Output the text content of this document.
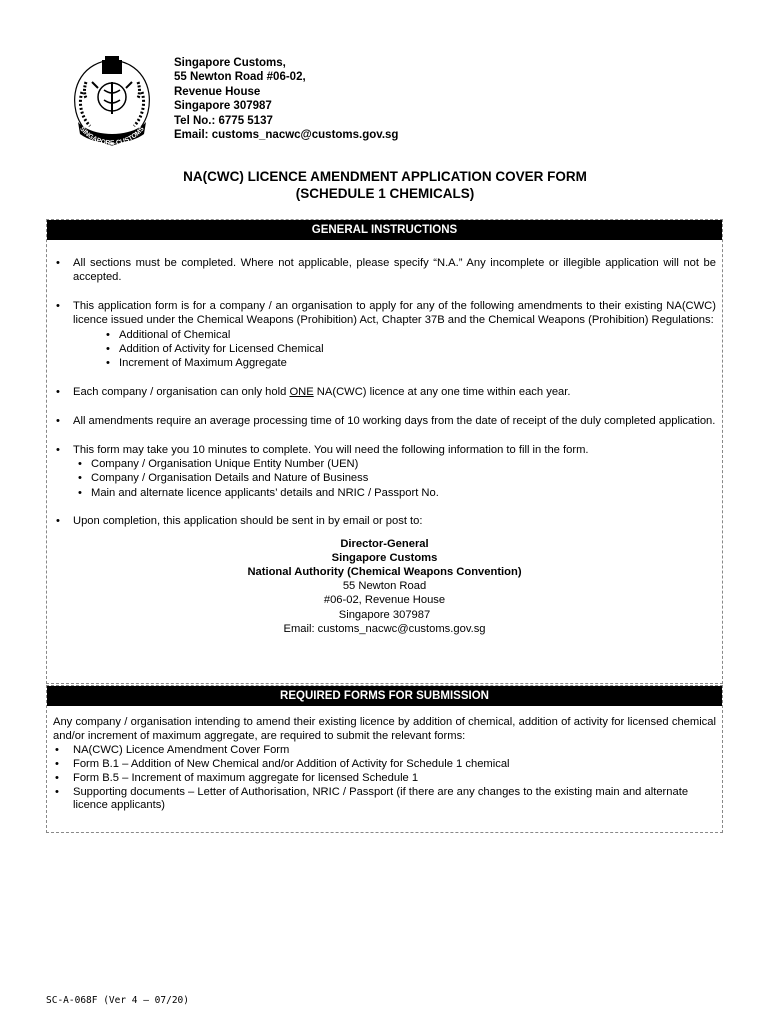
SINGAPORE CUSTOMS
Singapore Customs,
55 Newton Road #06-02,
Revenue House
Singapore 307987
Tel No.: 6775 5137
Email: customs_nacwc@customs.gov.sg
NA(CWC) LICENCE AMENDMENT APPLICATION COVER FORM
(SCHEDULE 1 CHEMICALS)
GENERAL INSTRUCTIONS
• All sections must be completed. Where not applicable, please specify “N.A.” Any incomplete or illegible application will not be accepted.
• This application form is for a company / an organisation to apply for any of the following amendments to their existing NA(CWC) licence issued under the Chemical Weapons (Prohibition) Act, Chapter 37B and the Chemical Weapons (Prohibition) Regulations:
• Additional of Chemical
• Addition of Activity for Licensed Chemical
• Increment of Maximum Aggregate
• Each company / organisation can only hold ONE NA(CWC) licence at any one time within each year.
• All amendments require an average processing time of 10 working days from the date of receipt of the duly completed application.
• This form may take you 10 minutes to complete. You will need the following information to fill in the form.
• Company / Organisation Unique Entity Number (UEN)
• Company / Organisation Details and Nature of Business
• Main and alternate licence applicants’ details and NRIC / Passport No.
• Upon completion, this application should be sent in by email or post to:
Director-General
Singapore Customs
National Authority (Chemical Weapons Convention)
55 Newton Road
#06-02, Revenue House
Singapore 307987
Email: customs_nacwc@customs.gov.sg
REQUIRED FORMS FOR SUBMISSION
Any company / organisation intending to amend their existing licence by addition of chemical, addition of activity for licensed chemical and/or increment of maximum aggregate, are required to submit the relevant forms:
• NA(CWC) Licence Amendment Cover Form
• Form B.1 – Addition of New Chemical and/or Addition of Activity for Schedule 1 chemical
• Form B.5 – Increment of maximum aggregate for licensed Schedule 1
• Supporting documents – Letter of Authorisation, NRIC / Passport (if there are any changes to the existing main and alternate licence applicants)
SC-A-068F (Ver 4 – 07/20)
